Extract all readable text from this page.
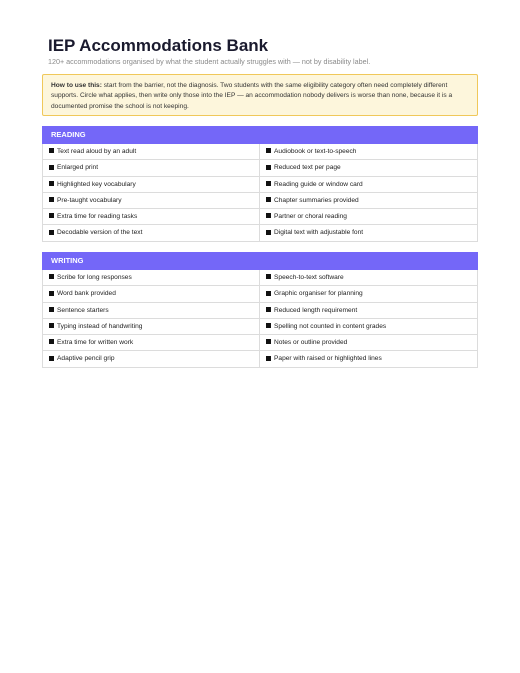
IEP Accommodations Bank
120+ accommodations organised by what the student actually struggles with — not by disability label.
How to use this: start from the barrier, not the diagnosis. Two students with the same eligibility category often need completely different supports. Circle what applies, then write only those into the IEP — an accommodation nobody delivers is worse than none, because it is a documented promise the school is not keeping.
READING
Text read aloud by an adult	Audiobook or text-to-speech
Enlarged print	Reduced text per page
Highlighted key vocabulary	Reading guide or window card
Pre-taught vocabulary	Chapter summaries provided
Extra time for reading tasks	Partner or choral reading
Decodable version of the text	Digital text with adjustable font
WRITING
Scribe for long responses	Speech-to-text software
Word bank provided	Graphic organiser for planning
Sentence starters	Reduced length requirement
Typing instead of handwriting	Spelling not counted in content grades
Extra time for written work	Notes or outline provided
Adaptive pencil grip	Paper with raised or highlighted lines
